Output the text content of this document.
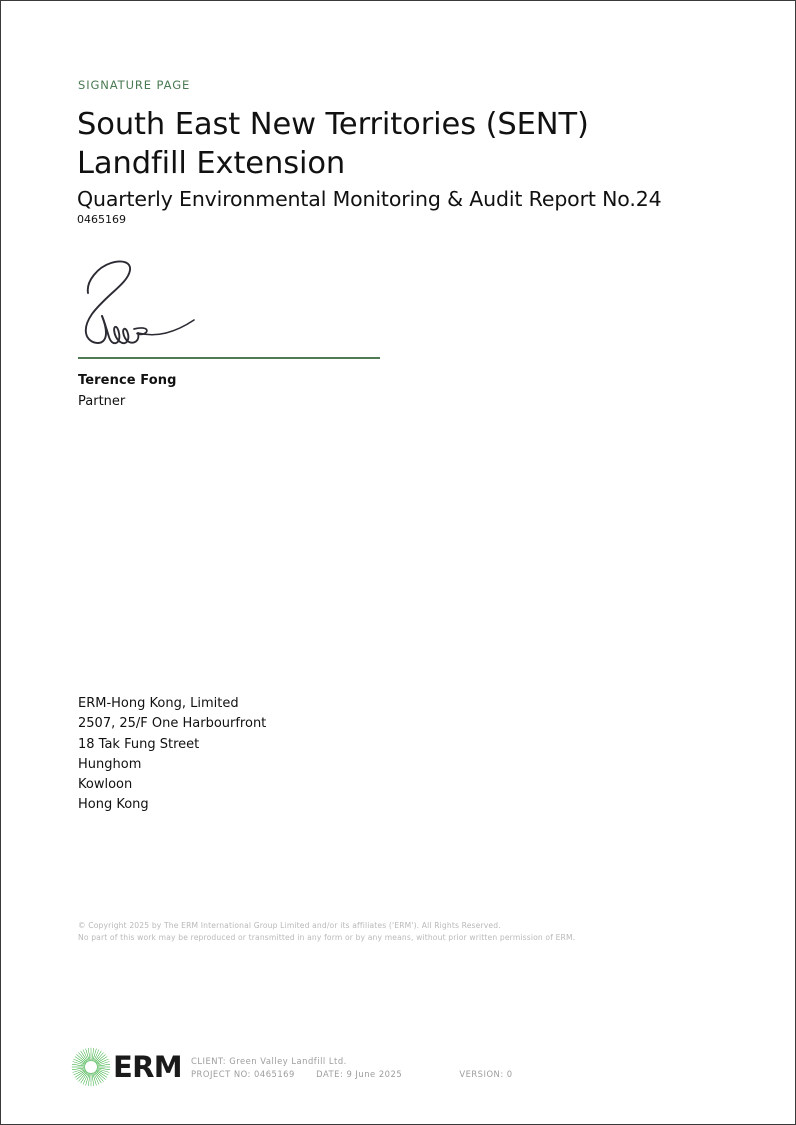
SIGNATURE PAGE
South East New Territories (SENT)
Landfill Extension
Quarterly Environmental Monitoring & Audit Report No.24
0465169
Terence Fong
Partner
ERM-Hong Kong, Limited
2507, 25/F One Harbourfront
18 Tak Fung Street
Hunghom
Kowloon
Hong Kong
© Copyright 2025 by The ERM International Group Limited and/or its affiliates ('ERM'). All Rights Reserved.
No part of this work may be reproduced or transmitted in any form or by any means, without prior written permission of ERM.
ERM CLIENT: Green Valley Landfill Ltd.
PROJECT NO: 0465169	DATE: 9 June 2025	VERSION: 0
